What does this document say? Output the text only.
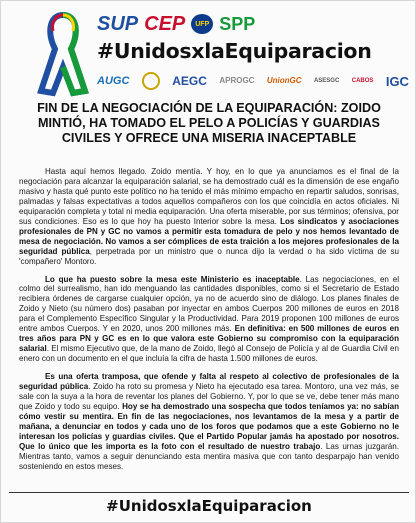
SUP CEP	UFP SPP
#UnidosxlaEquiparacion
AUGC	AEGC APROGC UnionGC ASESGC CABOS IGC
FIN DE LA NEGOCIACIÓN DE LA EQUIPARACIÓN: ZOIDO MINTIÓ, HA TOMADO EL PELO A POLICÍAS Y GUARDIAS CIVILES Y OFRECE UNA MISERIA INACEPTABLE

Hasta aquí hemos llegado. Zoido mentía. Y hoy, en lo que ya anunciamos es el final de la negociación para alcanzar la equiparación salarial, se ha demostrado cuál es la dimensión de ese engaño masivo y hasta qué punto este político no ha tenido el más mínimo empacho en repartir saludos, sonrisas, palmadas y falsas expectativas a todos aquellos compañeros con los que coincidía en actos oficiales. Ni equiparación completa y total ni media equiparación. Una oferta miserable, por sus términos; ofensiva, por sus condiciones. Eso es lo que hoy ha puesto Interior sobre la mesa. Los sindicatos y asociaciones profesionales de PN y GC no vamos a permitir esta tomadura de pelo y nos hemos levantado de mesa de negociación. No vamos a ser cómplices de esta traición a los mejores profesionales de la seguridad pública, perpetrada por un ministro que o nunca dijo la verdad o ha sido víctima de su 'compañero' Montoro.

Lo que ha puesto sobre la mesa este Ministerio es inaceptable. Las negociaciones, en el colmo del surrealismo, han ido menguando las cantidades disponibles, como si el Secretario de Estado recibiera órdenes de cargarse cualquier opción, ya no de acuerdo sino de diálogo. Los planes finales de Zoido y Nieto (su número dos) pasaban por inyectar en ambos Cuerpos 200 millones de euros en 2018 para el Complemento Específico Singular y la Productividad. Para 2019 proponen 100 millones de euros entre ambos Cuerpos. Y en 2020, unos 200 millones más. En definitiva: en 500 millones de euros en tres años para PN y GC es en lo que valora este Gobierno su compromiso con la equiparación salarial. El mismo Ejecutivo que, de la mano de Zoido, llegó al Consejo de Policía y al de Guardia Civil en enero con un documento en el que incluía la cifra de hasta 1.500 millones de euros.

Es una oferta tramposa, que ofende y falta al respeto al colectivo de profesionales de la seguridad pública. Zoido ha roto su promesa y Nieto ha ejecutado esa tarea. Montoro, una vez más, se sale con la suya a la hora de reventar los planes del Gobierno. Y, por lo que se ve, debe tener más mano que Zoido y todo su equipo. Hoy se ha demostrado una sospecha que todos teníamos ya: no sabían cómo vestir su mentira. En fin de las negociaciones, nos levantamos de la mesa y a partir de mañana, a denunciar en todos y cada uno de los foros que podamos que a este Gobierno no le interesan los policías y guardias civiles. Que el Partido Popular jamás ha apostado por nosotros. Que lo único que les importa es la foto con el resultado de nuestro trabajo. Las urnas juzgarán. Mientras tanto, vamos a seguir denunciando esta mentira masiva que con tanto desparpajo han venido sosteniendo en estos meses.

#UnidosxlaEquiparacion
